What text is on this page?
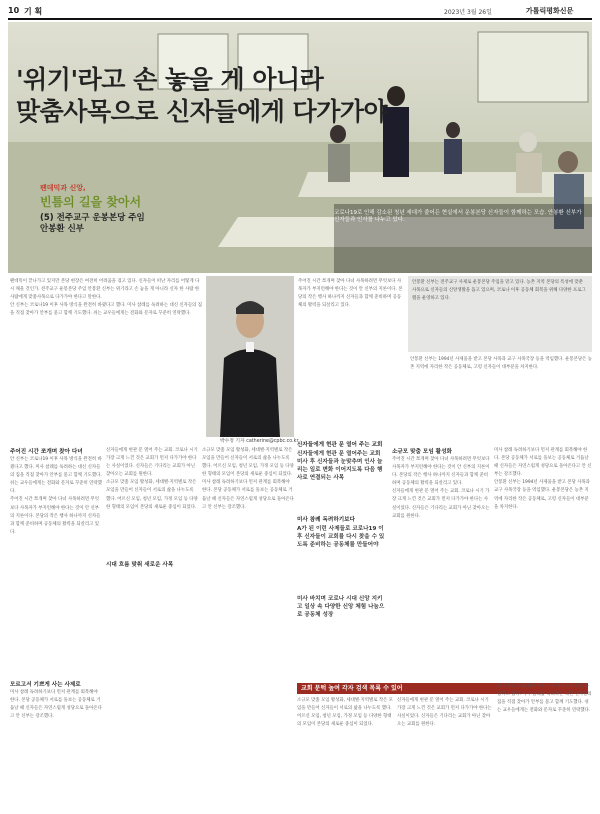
10 기 획	2023년 3월 26일	가톨릭평화신문
'위기'라고 손 놓을 게 아니라
맞춤사목으로 신자들에게 다가가야
팬데믹과 신앙,
빈틈의 길을 찾아서
(5) 전주교구 운봉본당 주임
안봉환 신부
코로나19로 인해 감소된 청년 세대가 줄어든 현실에서 운봉본당 신자들이 함께하는 모습. 안봉환 신부가 신자들과 인사를 나누고 있다.

팬데믹이 끝나가고 있지만 본당 현장은 여전히 어려움을 겪고 있다. 신자들이 떠난 자리를 어떻게 다시 채울 것인가. 전주교구 운봉본당 주임 안봉환 신부는 위기라고 손 놓을 게 아니라 신자 한 사람 한 사람에게 맞춤사목으로 다가가야 한다고 말한다.

안 신부는 코로나19 이후 사목 방식을 완전히 바꿨다고 했다. 미사 참례를 독려하는 대신 신자들의 집을 직접 찾아가 안부를 묻고 함께 기도했다. 쉬는 교우들에게는 전화와 문자로 꾸준히 연락했다.

주어진 시간 쪼개며 찾아 다녀 사목하려면 무엇보다 사목자가 부지런해야 한다는 것이 안 신부의 지론이다. 본당의 작은 행사 하나까지 신자들과 함께 준비하며 공동체의 활력을 되살리고 있다.

안봉환 신부는 전주교구 사제로 운봉본당 주임을 맡고 있다. 농촌 지역 본당의 특성에 맞춘 사목으로 신자들의 신앙생활을 돕고 있으며, 코로나 이후 공동체 회복을 위해 다양한 프로그램을 운영하고 있다.

안봉환 신부는 1994년 사제품을 받고 본당 사목과 교구 사목국장 등을 역임했다. 운봉본당은 농촌 지역에 자리한 작은 공동체로, 고령 신자들이 대부분을 차지한다.

박수정 기자 catherine@cpbc.co.kr
주어진 시간 쪼개며 찾아 다녀

안 신부는 코로나19 이후 사목 방식을 완전히 바꿨다고 했다. 미사 참례를 독려하는 대신 신자들의 집을 직접 찾아가 안부를 묻고 함께 기도했다. 쉬는 교우들에게는 전화와 문자로 꾸준히 연락했다.

주어진 시간 쪼개며 찾아 다녀 사목하려면 무엇보다 사목자가 부지런해야 한다는 것이 안 신부의 지론이다. 본당의 작은 행사 하나까지 신자들과 함께 준비하며 공동체의 활력을 되살리고 있다.

모르고서 기쁘게 사는 사제로
미사 참례 독려하기보다 먼저 관계를 회복해야 한다. 본당 공동체가 서로를 돌보는 공동체로 거듭날 때 신자들은 자연스럽게 성당으로 돌아온다고 안 신부는 강조했다.

신자들에게 현관 문 열어 주는 교회. 코로나 시기 가장 크게 느낀 것은 교회가 먼저 다가가야 한다는 사실이었다. 신자들은 기다리는 교회가 아닌 찾아오는 교회를 원한다.

소규모 맞춤 모임 활성화, 세대별·지역별로 작은 모임을 만들어 신자들이 서로의 삶을 나누도록 했다. 어르신 모임, 청년 모임, 가정 모임 등 다양한 형태의 모임이 본당의 새로운 중심이 되었다.

시대 흐름 맞춰 새로운 사목

소규모 맞춤 모임 활성화, 세대별·지역별로 작은 모임을 만들어 신자들이 서로의 삶을 나누도록 했다. 어르신 모임, 청년 모임, 가정 모임 등 다양한 형태의 모임이 본당의 새로운 중심이 되었다.

미사 참례 독려하기보다 먼저 관계를 회복해야 한다. 본당 공동체가 서로를 돌보는 공동체로 거듭날 때 신자들은 자연스럽게 성당으로 돌아온다고 안 신부는 강조했다.

신자들에게 현관 문 열어 주는 교회
신자들에게 현관 문 열어주는 교회 미사 후 신자들과 눈맞추며 인사 늘리는 일로 변화 이어지도록 다음 행사로 연결되는 사목
미사 참례 독려하기보다
A가 된 이런 사제들로 코로나19 이후 신자들이 교회를 다시 찾을 수 있도록 준비하는 공동체를 만들어야
미사 바치며 코로나 시대 신앙 지키고 일상 속 다양한 신앙 체험 나눔으로 공동체 성장
소규모 맞춤 모임 활성화

주어진 시간 쪼개며 찾아 다녀 사목하려면 무엇보다 사목자가 부지런해야 한다는 것이 안 신부의 지론이다. 본당의 작은 행사 하나까지 신자들과 함께 준비하며 공동체의 활력을 되살리고 있다.

신자들에게 현관 문 열어 주는 교회. 코로나 시기 가장 크게 느낀 것은 교회가 먼저 다가가야 한다는 사실이었다. 신자들은 기다리는 교회가 아닌 찾아오는 교회를 원한다.

미사 참례 독려하기보다 먼저 관계를 회복해야 한다. 본당 공동체가 서로를 돌보는 공동체로 거듭날 때 신자들은 자연스럽게 성당으로 돌아온다고 안 신부는 강조했다.

안봉환 신부는 1994년 사제품을 받고 본당 사목과 교구 사목국장 등을 역임했다. 운봉본당은 농촌 지역에 자리한 작은 공동체로, 고령 신자들이 대부분을 차지한다.

교회 문턱 높여 각자 검색 목록 수 있어
소규모 맞춤 모임 활성화, 세대별·지역별로 작은 모임을 만들어 신자들이 서로의 삶을 나누도록 했다. 어르신 모임, 청년 모임, 가정 모임 등 다양한 형태의 모임이 본당의 새로운 중심이 되었다.
신자들에게 현관 문 열어 주는 교회. 코로나 시기 가장 크게 느낀 것은 교회가 먼저 다가가야 한다는 사실이었다. 신자들은 기다리는 교회가 아닌 찾아오는 교회를 원한다.
안 신부는 코로나19 이후 사목 방식을 완전히 바꿨다고 했다. 미사 참례를 독려하는 대신 신자들의 집을 직접 찾아가 안부를 묻고 함께 기도했다. 쉬는 교우들에게는 전화와 문자로 꾸준히 연락했다.
